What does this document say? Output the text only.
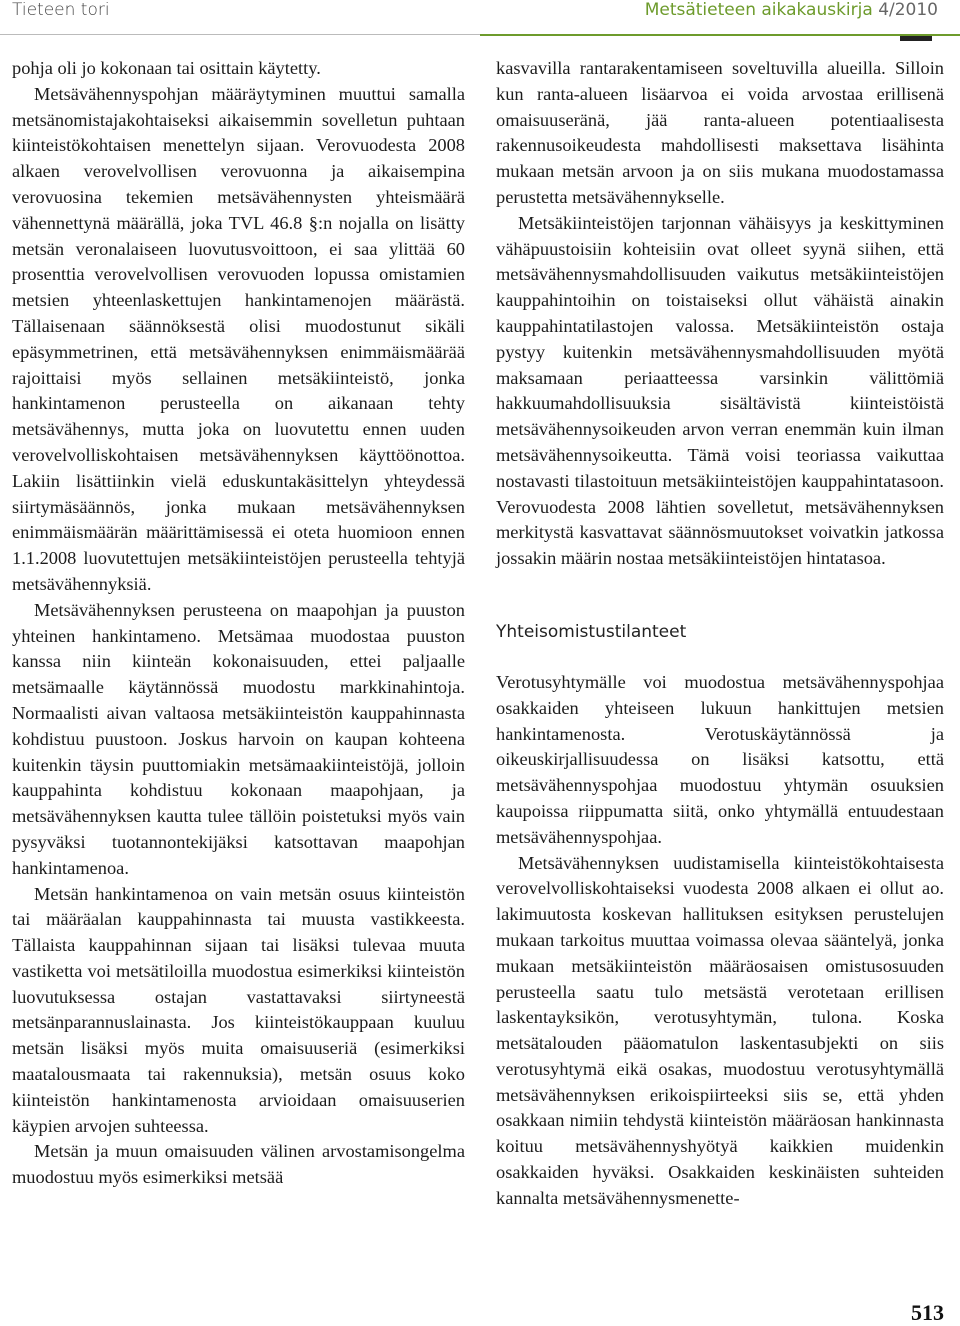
Tieteen tori	Metsätieteen aikakauskirja 4/2010

pohja oli jo kokonaan tai osittain käytetty.

Metsävähennyspohjan määräytyminen muuttui samalla metsänomistajakohtaiseksi aikaisemmin sovelletun puhtaan kiinteistökohtaisen menettelyn sijaan. Verovuodesta 2008 alkaen verovelvollisen verovuonna ja aikaisempina verovuosina tekemien metsävähennysten yhteismäärä vähennettynä määrällä, joka TVL 46.8 §:n nojalla on lisätty metsän veronalaiseen luovutusvoittoon, ei saa ylittää 60 prosenttia verovelvollisen verovuoden lopussa omistamien metsien yhteenlaskettujen hankintamenojen määrästä. Tällaisenaan säännöksestä olisi muodostunut sikäli epäsymmetrinen, että metsävähennyksen enimmäismäärää rajoittaisi myös sellainen metsäkiinteistö, jonka hankintamenon perusteella on aikanaan tehty metsävähennys, mutta joka on luovutettu ennen uuden verovelvolliskohtaisen metsävähennyksen käyttöönottoa. Lakiin lisättiinkin vielä eduskuntakäsittelyn yhteydessä siirtymäsäännös, jonka mukaan metsävähennyksen enimmäismäärän määrittämisessä ei oteta huomioon ennen 1.1.2008 luovutettujen metsäkiinteistöjen perusteella tehtyjä metsävähennyksiä.

Metsävähennyksen perusteena on maapohjan ja puuston yhteinen hankintameno. Metsämaa muodostaa puuston kanssa niin kiinteän kokonaisuuden, ettei paljaalle metsämaalle käytännössä muodostu markkinahintoja. Normaalisti aivan valtaosa metsäkiinteistön kauppahinnasta kohdistuu puustoon. Joskus harvoin on kaupan kohteena kuitenkin täysin puuttomiakin metsämaakiinteistöjä, jolloin kauppahinta kohdistuu kokonaan maapohjaan, ja metsävähennyksen kautta tulee tällöin poistetuksi myös vain pysyväksi tuotannontekijäksi katsottavan maapohjan hankintamenoa.

Metsän hankintamenoa on vain metsän osuus kiinteistön tai määräalan kauppahinnasta tai muusta vastikkeesta. Tällaista kauppahinnan sijaan tai lisäksi tulevaa muuta vastiketta voi metsätiloilla muodostua esimerkiksi kiinteistön luovutuksessa ostajan vastattavaksi siirtyneestä metsänparannuslainasta. Jos kiinteistökauppaan kuuluu metsän lisäksi myös muita omaisuuseriä (esimerkiksi maatalousmaata tai rakennuksia), metsän osuus koko kiinteistön hankintamenosta arvioidaan omaisuuserien käypien arvojen suhteessa.

Metsän ja muun omaisuuden välinen arvostamisongelma muodostuu myös esimerkiksi metsää

kasvavilla rantarakentamiseen soveltuvilla alueilla. Silloin kun ranta-alueen lisäarvoa ei voida arvostaa erillisenä omaisuuseränä, jää ranta-alueen potentiaalisesta rakennusoikeudesta mahdollisesti maksettava lisähinta mukaan metsän arvoon ja on siis mukana muodostamassa perustetta metsävähennykselle.

Metsäkiinteistöjen tarjonnan vähäisyys ja keskittyminen vähäpuustoisiin kohteisiin ovat olleet syynä siihen, että metsävähennysmahdollisuuden vaikutus metsäkiinteistöjen kauppahintoihin on toistaiseksi ollut vähäistä ainakin kauppahintatilastojen valossa. Metsäkiinteistön ostaja pystyy kuitenkin metsävähennysmahdollisuuden myötä maksamaan periaatteessa varsinkin välittömiä hakkuumahdollisuuksia sisältävistä kiinteistöistä metsävähennysoikeuden arvon verran enemmän kuin ilman metsävähennysoikeutta. Tämä voisi teoriassa vaikuttaa nostavasti tilastoituun metsäkiinteistöjen kauppahintatasoon. Verovuodesta 2008 lähtien sovelletut, metsävähennyksen merkitystä kasvattavat säännösmuutokset voivatkin jatkossa jossakin määrin nostaa metsäkiinteistöjen hintatasoa.

Yhteisomistustilanteet

Verotusyhtymälle voi muodostua metsävähennyspohjaa osakkaiden yhteiseen lukuun hankittujen metsien hankintamenosta. Verotuskäytännössä ja oikeuskirjallisuudessa on lisäksi katsottu, että metsävähennyspohjaa muodostuu yhtymän osuuksien kaupoissa riippumatta siitä, onko yhtymällä entuudestaan metsävähennyspohjaa.

Metsävähennyksen uudistamisella kiinteistökohtaisesta verovelvolliskohtaiseksi vuodesta 2008 alkaen ei ollut ao. lakimuutosta koskevan hallituksen esityksen perustelujen mukaan tarkoitus muuttaa voimassa olevaa sääntelyä, jonka mukaan metsäkiinteistön määräosaisen omistusosuuden perusteella saatu tulo metsästä verotetaan erillisen laskentayksikön, verotusyhtymän, tulona. Koska metsätalouden pääomatulon laskentasubjekti on siis verotusyhtymä eikä osakas, muodostuu verotusyhtymällä metsävähennyksen erikoispiirteeksi siis se, että yhden osakkaan nimiin tehdystä kiinteistön määräosan hankinnasta koituu metsävähennyshyötyä kaikkien muidenkin osakkaiden hyväksi. Osakkaiden keskinäisten suhteiden kannalta metsävähennysmenette-

513
